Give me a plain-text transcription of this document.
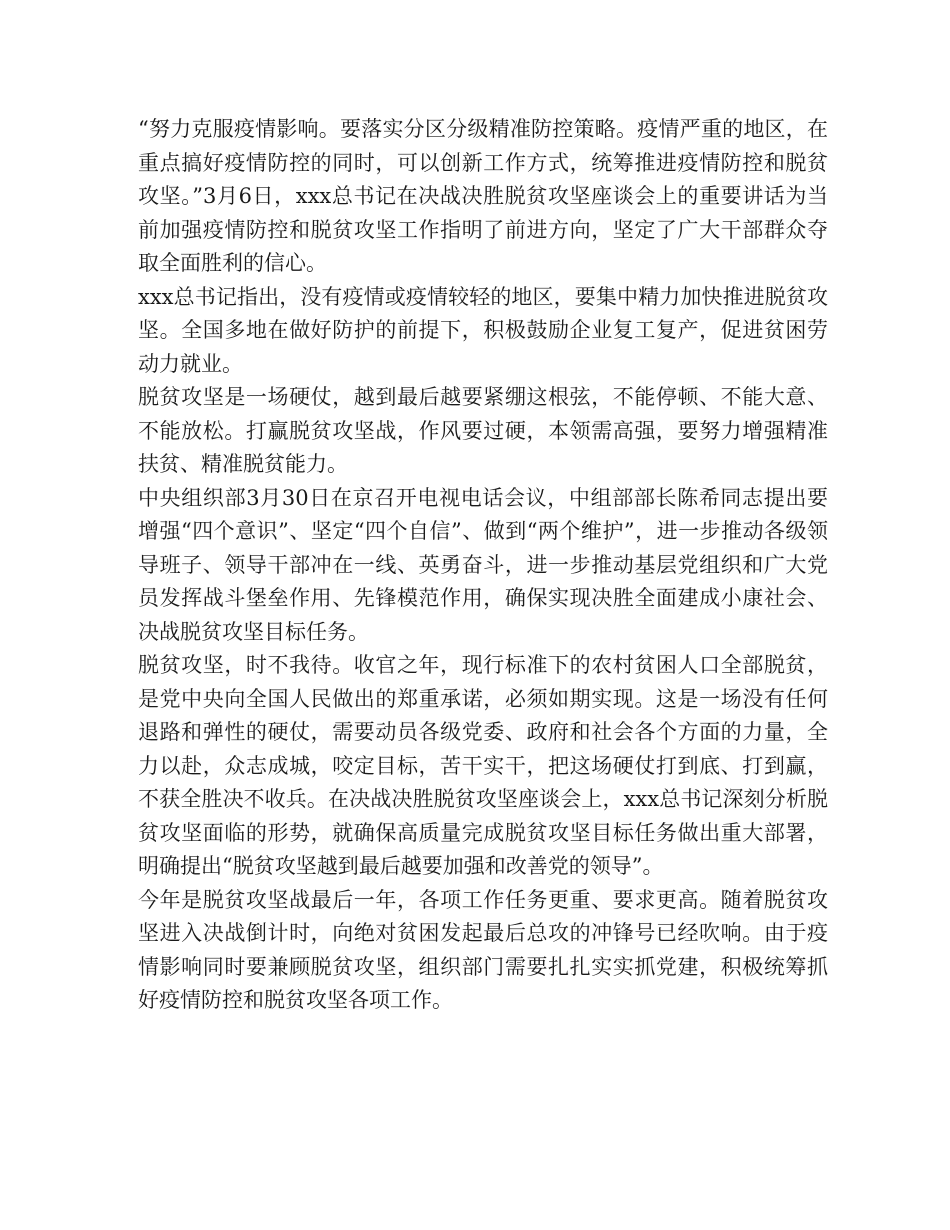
“努力克服疫情影响。要落实分区分级精准防控策略。疫情严重的地区，在重点搞好疫情防控的同时，可以创新工作方式，统筹推进疫情防控和脱贫攻坚。”3月6日，xxx总书记在决战决胜脱贫攻坚座谈会上的重要讲话为当前加强疫情防控和脱贫攻坚工作指明了前进方向，坚定了广大干部群众夺取全面胜利的信心。

xxx总书记指出，没有疫情或疫情较轻的地区，要集中精力加快推进脱贫攻坚。全国多地在做好防护的前提下，积极鼓励企业复工复产，促进贫困劳动力就业。

脱贫攻坚是一场硬仗，越到最后越要紧绷这根弦，不能停顿、不能大意、不能放松。打赢脱贫攻坚战，作风要过硬，本领需高强，要努力增强精准扶贫、精准脱贫能力。

中央组织部3月30日在京召开电视电话会议，中组部部长陈希同志提出要增强“四个意识”、坚定“四个自信”、做到“两个维护”，进一步推动各级领导班子、领导干部冲在一线、英勇奋斗，进一步推动基层党组织和广大党员发挥战斗堡垒作用、先锋模范作用，确保实现决胜全面建成小康社会、决战脱贫攻坚目标任务。

脱贫攻坚，时不我待。收官之年，现行标准下的农村贫困人口全部脱贫，是党中央向全国人民做出的郑重承诺，必须如期实现。这是一场没有任何退路和弹性的硬仗，需要动员各级党委、政府和社会各个方面的力量，全力以赴，众志成城，咬定目标，苦干实干，把这场硬仗打到底、打到赢，不获全胜决不收兵。在决战决胜脱贫攻坚座谈会上，xxx总书记深刻分析脱贫攻坚面临的形势，就确保高质量完成脱贫攻坚目标任务做出重大部署，明确提出“脱贫攻坚越到最后越要加强和改善党的领导”。

今年是脱贫攻坚战最后一年，各项工作任务更重、要求更高。随着脱贫攻坚进入决战倒计时，向绝对贫困发起最后总攻的冲锋号已经吹响。由于疫情影响同时要兼顾脱贫攻坚，组织部门需要扎扎实实抓党建，积极统筹抓好疫情防控和脱贫攻坚各项工作。
